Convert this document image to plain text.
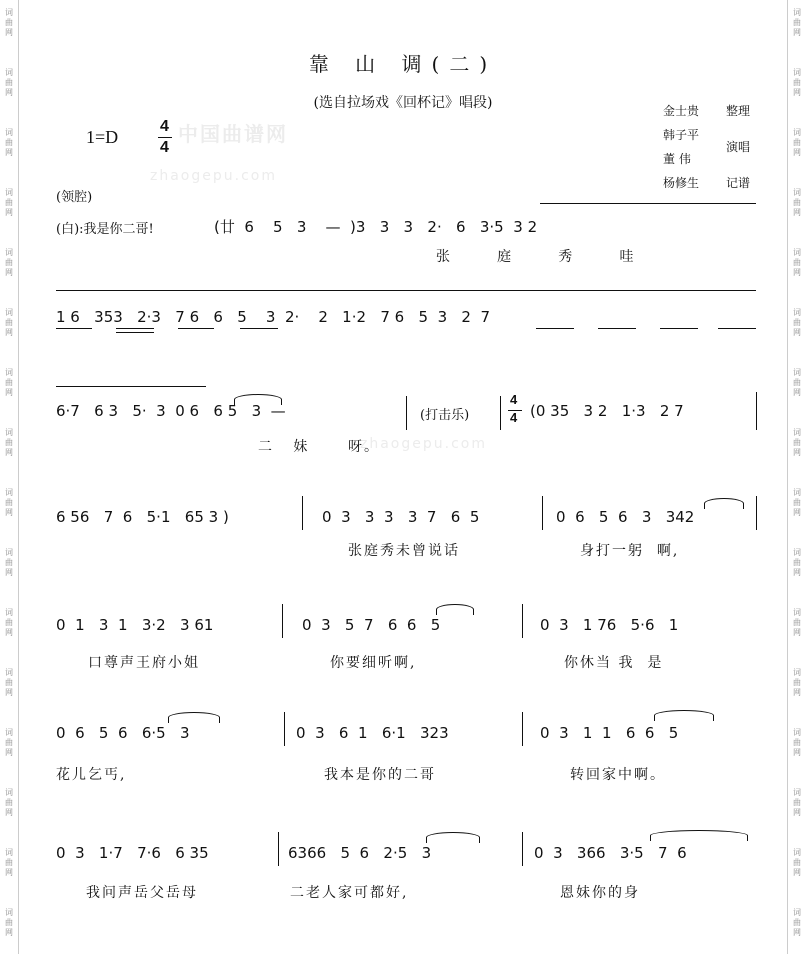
词
曲
网
词
曲
网
词
曲
网
词
曲
网
词
曲
网
词
曲
网
词
曲
网
词
曲
网
词
曲
网
词
曲
网
词
曲
网
词
曲
网
词
曲
网
词
曲
网
词
曲
网
词
曲
网
词
曲
网
词
曲
网
词
曲
网
词
曲
网
词
曲
网
词
曲
网
词
曲
网
词
曲
网
词
曲
网
词
曲
网
词
曲
网
词
曲
网
词
曲
网
词
曲
网
词
曲
网
词
曲
网
中国曲谱网
zhaogepu.com
zhaogepu.com
靠 山 调(二)
(选自拉场戏《回杯记》唱段)	金士贵 整理
韩子平
董 伟
演唱
杨修生 记谱
1=D
4
4
(领腔)
(白):我是你二哥!	(廿  6    5   3    —  )3   3   3   2·   6   3·5  3 2
张       庭       秀       哇
1 6   353   2·3   7 6   6   5    3  2·    2   1·2   7 6   5  3   2  7
6·7   6 3   5·  3  0 6   6 5   3  —
二   妹      呀。
(打击乐)
4
4 (0 35   3 2   1·3   2 7
6 56   7  6   5·1   65 3 )	0  3   3  3   3  7   6  5	0  6   5  6   3   342
张庭秀未曾说话	身打一躬  啊,
0  1   3  1   3·2   3 61	0  3   5  7   6  6   5	0  3   1 76   5·6   1
口尊声王府小姐	你要细听啊,	你休当 我  是
0  6   5  6   6·5   3	0  3   6  1   6·1   323	0  3   1  1   6  6   5
花儿乞丐,	我本是你的二哥	转回家中啊。
0  3   1·7   7·6   6 35	6366   5  6   2·5   3	0  3   366   3·5   7  6
我问声岳父岳母	二老人家可都好,	恩妹你的身
